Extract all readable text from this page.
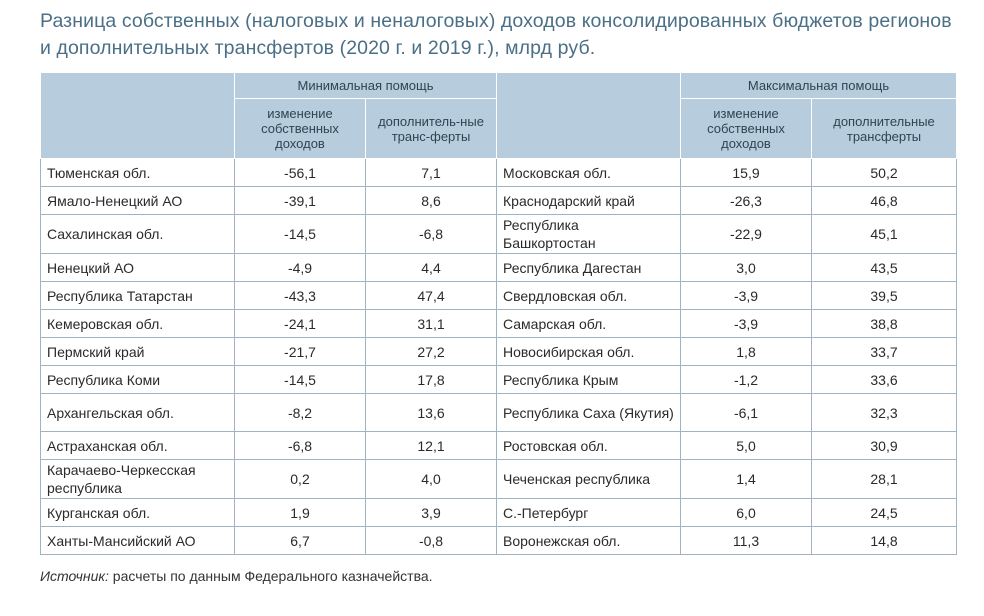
Разница собственных (налоговых и неналоговых) доходов консолидированных бюджетов регионов и дополнительных трансфертов (2020 г. и 2019 г.), млрд руб.
	Минимальная помощь			Максимальная помощь	
	изменение собственных доходов	дополнитель-ные транс-ферты		изменение собственных доходов	дополнительные трансферты
Тюменская обл.	-56,1	7,1	Московская обл.	15,9	50,2
Ямало-Ненецкий АО	-39,1	8,6	Краснодарский край	-26,3	46,8
Сахалинская обл.	-14,5	-6,8	Республика Башкортостан	-22,9	45,1
Ненецкий АО	-4,9	4,4	Республика Дагестан	3,0	43,5
Республика Татарстан	-43,3	47,4	Свердловская обл.	-3,9	39,5
Кемеровская обл.	-24,1	31,1	Самарская обл.	-3,9	38,8
Пермский край	-21,7	27,2	Новосибирская обл.	1,8	33,7
Республика Коми	-14,5	17,8	Республика Крым	-1,2	33,6
Архангельская обл.	-8,2	13,6	Республика Саха (Якутия)	-6,1	32,3
Астраханская обл.	-6,8	12,1	Ростовская обл.	5,0	30,9
Карачаево-Черкесская республика	0,2	4,0	Чеченская республика	1,4	28,1
Курганская обл.	1,9	3,9	С.-Петербург	6,0	24,5
Ханты-Мансийский АО	6,7	-0,8	Воронежская обл.	11,3	14,8
Источник: расчеты по данным Федерального казначейства.
